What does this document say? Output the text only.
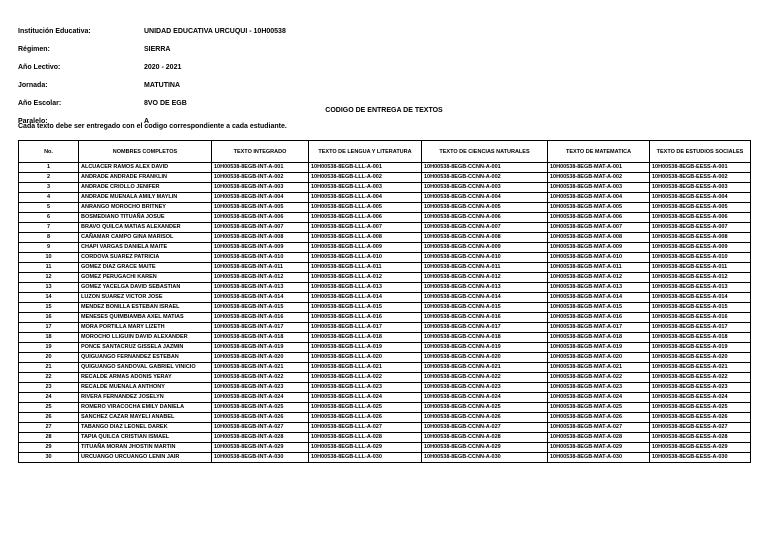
Institución Educativa:	UNIDAD EDUCATIVA URCUQUI - 10H00538
Régimen:	SIERRA
Año Lectivo:	2020 - 2021
Jornada:	MATUTINA
Año Escolar:	8VO DE EGB
Paralelo:	A
CODIGO DE ENTREGA DE TEXTOS
Cada texto debe ser entregado con el codigo correspondiente a cada estudiante.
No.	NOMBRES COMPLETOS	TEXTO INTEGRADO	TEXTO DE LENGUA Y LITERATURA	TEXTO DE CIENCIAS NATURALES	TEXTO DE MATEMATICA	TEXTO DE ESTUDIOS SOCIALES
1	ALCUACER RAMOS ALEX DAVID	10H00538-8EGB-INT-A-001	10H00538-8EGB-LLL-A-001	10H00538-8EGB-CCNN-A-001	10H00538-8EGB-MAT-A-001	10H00538-8EGB-EESS-A-001
2	ANDRADE ANDRADE FRANKLIN	10H00538-8EGB-INT-A-002	10H00538-8EGB-LLL-A-002	10H00538-8EGB-CCNN-A-002	10H00538-8EGB-MAT-A-002	10H00538-8EGB-EESS-A-002
3	ANDRADE CRIOLLO JENIFER	10H00538-8EGB-INT-A-003	10H00538-8EGB-LLL-A-003	10H00538-8EGB-CCNN-A-003	10H00538-8EGB-MAT-A-003	10H00538-8EGB-EESS-A-003
4	ANDRADE MUENALA AMILY MAYLIN	10H00538-8EGB-INT-A-004	10H00538-8EGB-LLL-A-004	10H00538-8EGB-CCNN-A-004	10H00538-8EGB-MAT-A-004	10H00538-8EGB-EESS-A-004
5	ANRANGO MOROCHO BRITNEY	10H00538-8EGB-INT-A-005	10H00538-8EGB-LLL-A-005	10H00538-8EGB-CCNN-A-005	10H00538-8EGB-MAT-A-005	10H00538-8EGB-EESS-A-005
6	BOSMEDIANO TITUAÑA JOSUE	10H00538-8EGB-INT-A-006	10H00538-8EGB-LLL-A-006	10H00538-8EGB-CCNN-A-006	10H00538-8EGB-MAT-A-006	10H00538-8EGB-EESS-A-006
7	BRAVO QUILCA MATIAS ALEXANDER	10H00538-8EGB-INT-A-007	10H00538-8EGB-LLL-A-007	10H00538-8EGB-CCNN-A-007	10H00538-8EGB-MAT-A-007	10H00538-8EGB-EESS-A-007
8	CAÑAMAR CAMPO GINA MARISOL	10H00538-8EGB-INT-A-008	10H00538-8EGB-LLL-A-008	10H00538-8EGB-CCNN-A-008	10H00538-8EGB-MAT-A-008	10H00538-8EGB-EESS-A-008
9	CHAPI VARGAS DANIELA MAITE	10H00538-8EGB-INT-A-009	10H00538-8EGB-LLL-A-009	10H00538-8EGB-CCNN-A-009	10H00538-8EGB-MAT-A-009	10H00538-8EGB-EESS-A-009
10	CORDOVA SUAREZ PATRICIA	10H00538-8EGB-INT-A-010	10H00538-8EGB-LLL-A-010	10H00538-8EGB-CCNN-A-010	10H00538-8EGB-MAT-A-010	10H00538-8EGB-EESS-A-010
11	GOMEZ DIAZ GRACE MAITE	10H00538-8EGB-INT-A-011	10H00538-8EGB-LLL-A-011	10H00538-8EGB-CCNN-A-011	10H00538-8EGB-MAT-A-011	10H00538-8EGB-EESS-A-011
12	GOMEZ PERUGACHI KAREN	10H00538-8EGB-INT-A-012	10H00538-8EGB-LLL-A-012	10H00538-8EGB-CCNN-A-012	10H00538-8EGB-MAT-A-012	10H00538-8EGB-EESS-A-012
13	GOMEZ YACELGA DAVID SEBASTIAN	10H00538-8EGB-INT-A-013	10H00538-8EGB-LLL-A-013	10H00538-8EGB-CCNN-A-013	10H00538-8EGB-MAT-A-013	10H00538-8EGB-EESS-A-013
14	LUZON SUAREZ VICTOR JOSE	10H00538-8EGB-INT-A-014	10H00538-8EGB-LLL-A-014	10H00538-8EGB-CCNN-A-014	10H00538-8EGB-MAT-A-014	10H00538-8EGB-EESS-A-014
15	MENDEZ BONILLA ESTEBAN ISRAEL	10H00538-8EGB-INT-A-015	10H00538-8EGB-LLL-A-015	10H00538-8EGB-CCNN-A-015	10H00538-8EGB-MAT-A-015	10H00538-8EGB-EESS-A-015
16	MENESES QUIMBIAMBA AXEL MATIAS	10H00538-8EGB-INT-A-016	10H00538-8EGB-LLL-A-016	10H00538-8EGB-CCNN-A-016	10H00538-8EGB-MAT-A-016	10H00538-8EGB-EESS-A-016
17	MORA PORTILLA MARY LIZETH	10H00538-8EGB-INT-A-017	10H00538-8EGB-LLL-A-017	10H00538-8EGB-CCNN-A-017	10H00538-8EGB-MAT-A-017	10H00538-8EGB-EESS-A-017
18	MOROCHO LLIGUIN DAVID ALEXANDER	10H00538-8EGB-INT-A-018	10H00538-8EGB-LLL-A-018	10H00538-8EGB-CCNN-A-018	10H00538-8EGB-MAT-A-018	10H00538-8EGB-EESS-A-018
19	PONCE SANTACRUZ GISSELA JAZMIN	10H00538-8EGB-INT-A-019	10H00538-8EGB-LLL-A-019	10H00538-8EGB-CCNN-A-019	10H00538-8EGB-MAT-A-019	10H00538-8EGB-EESS-A-019
20	QUIGUANGO FERNANDEZ ESTEBAN	10H00538-8EGB-INT-A-020	10H00538-8EGB-LLL-A-020	10H00538-8EGB-CCNN-A-020	10H00538-8EGB-MAT-A-020	10H00538-8EGB-EESS-A-020
21	QUIGUANGO SANDOVAL GABRIEL VINICIO	10H00538-8EGB-INT-A-021	10H00538-8EGB-LLL-A-021	10H00538-8EGB-CCNN-A-021	10H00538-8EGB-MAT-A-021	10H00538-8EGB-EESS-A-021
22	RECALDE ARMAS ADONIS YERAY	10H00538-8EGB-INT-A-022	10H00538-8EGB-LLL-A-022	10H00538-8EGB-CCNN-A-022	10H00538-8EGB-MAT-A-022	10H00538-8EGB-EESS-A-022
23	RECALDE MUENALA ANTHONY	10H00538-8EGB-INT-A-023	10H00538-8EGB-LLL-A-023	10H00538-8EGB-CCNN-A-023	10H00538-8EGB-MAT-A-023	10H00538-8EGB-EESS-A-023
24	RIVERA FERNANDEZ JOSELYN	10H00538-8EGB-INT-A-024	10H00538-8EGB-LLL-A-024	10H00538-8EGB-CCNN-A-024	10H00538-8EGB-MAT-A-024	10H00538-8EGB-EESS-A-024
25	ROMERO VIRACOCHA EMILY DANIELA	10H00538-8EGB-INT-A-025	10H00538-8EGB-LLL-A-025	10H00538-8EGB-CCNN-A-025	10H00538-8EGB-MAT-A-025	10H00538-8EGB-EESS-A-025
26	SANCHEZ CAZAR MAYELI ANABEL	10H00538-8EGB-INT-A-026	10H00538-8EGB-LLL-A-026	10H00538-8EGB-CCNN-A-026	10H00538-8EGB-MAT-A-026	10H00538-8EGB-EESS-A-026
27	TABANGO DIAZ LEONEL DAREK	10H00538-8EGB-INT-A-027	10H00538-8EGB-LLL-A-027	10H00538-8EGB-CCNN-A-027	10H00538-8EGB-MAT-A-027	10H00538-8EGB-EESS-A-027
28	TAPIA QUILCA CRISTIAN ISMAEL	10H00538-8EGB-INT-A-028	10H00538-8EGB-LLL-A-028	10H00538-8EGB-CCNN-A-028	10H00538-8EGB-MAT-A-028	10H00538-8EGB-EESS-A-028
29	TITUAÑA MORAN JHOSTIN MARTIN	10H00538-8EGB-INT-A-029	10H00538-8EGB-LLL-A-029	10H00538-8EGB-CCNN-A-029	10H00538-8EGB-MAT-A-029	10H00538-8EGB-EESS-A-029
30	URCUANGO URCUANGO LENIN JAIR	10H00538-8EGB-INT-A-030	10H00538-8EGB-LLL-A-030	10H00538-8EGB-CCNN-A-030	10H00538-8EGB-MAT-A-030	10H00538-8EGB-EESS-A-030
